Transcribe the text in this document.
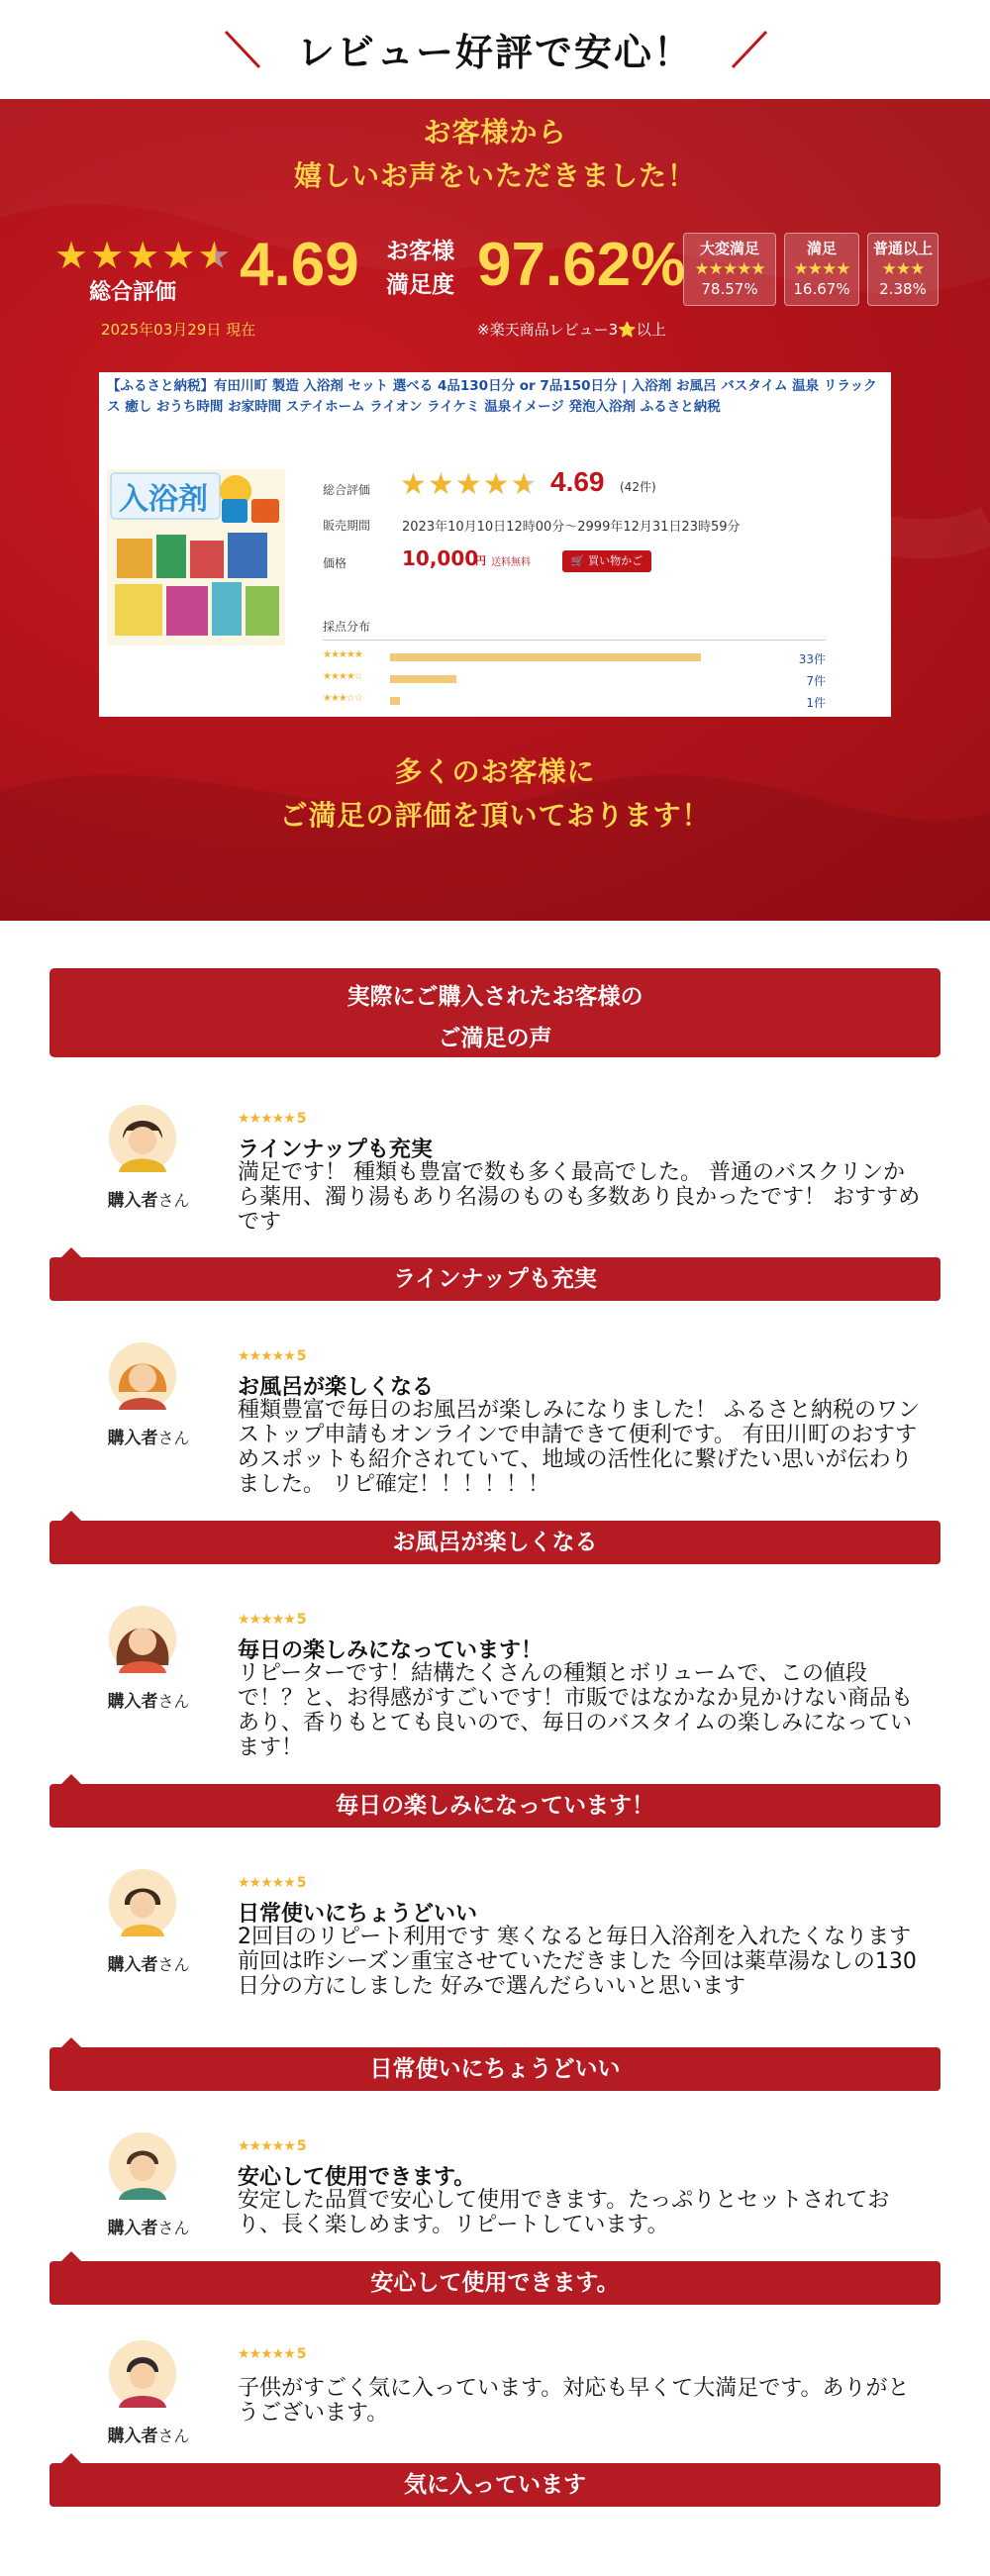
レビュー好評で安心！
お客様から
嬉しいお声をいただきました！
★ ★ ★ ★ ★
総合評価
2025年03月29日 現在
4.69 お客様
満足度 97.62% 大変満足
★★★★★
78.57%
満足
★★★★
16.67%
普通以上
★★★
2.38%
※楽天商品レビュー3⭐以上
【ふるさと納税】有田川町 製造 入浴剤 セット 選べる 4品130日分 or 7品150日分 | 入浴剤 お風呂 バスタイム 温泉 リラックス 癒し おうち時間 お家時間 ステイホーム ライオン ライケミ 温泉イメージ 発泡入浴剤 ふるさと納税
入浴剤	総合評価 ★★★★★ 4.69 (42件)
販売期間 2023年10月10日12時00分〜2999年12月31日23時59分
価格	10,000
円 送料無料	🛒 買い物かご
採点分布
★★★★★	33件
★★★★☆	7件
★★★☆☆	1件
多くのお客様に
ご満足の評価を頂いております！
実際にご購入されたお客様の
ご満足の声
購入者さん
★★★★★ 5
ラインナップも充実
満足です！ 種類も豊富で数も多く最高でした。 普通のバスクリンから薬用、濁り湯もあり名湯のものも多数あり良かったです！ おすすめです
ラインナップも充実
購入者さん
★★★★★ 5
お風呂が楽しくなる
種類豊富で毎日のお風呂が楽しみになりました！ ふるさと納税のワンストップ申請もオンラインで申請できて便利です。 有田川町のおすすめスポットも紹介されていて、地域の活性化に繋げたい思いが伝わりました。 リピ確定！！！！！！
お風呂が楽しくなる
購入者さん
★★★★★ 5
毎日の楽しみになっています！
リピーターです！結構たくさんの種類とボリュームで、この値段で！？と、お得感がすごいです！市販ではなかなか見かけない商品もあり、香りもとても良いので、毎日のバスタイムの楽しみになっています！
毎日の楽しみになっています！
購入者さん
★★★★★ 5
日常使いにちょうどいい
2回目のリピート利用です 寒くなると毎日入浴剤を入れたくなります 前回は昨シーズン重宝させていただきました 今回は薬草湯なしの130日分の方にしました 好みで選んだらいいと思います
日常使いにちょうどいい
購入者さん
★★★★★ 5
安心して使用できます。
安定した品質で安心して使用できます。たっぷりとセットされており、長く楽しめます。リピートしています。
安心して使用できます。
購入者さん
★★★★★ 5
子供がすごく気に入っています。対応も早くて大満足です。ありがとうございます。
気に入っています
